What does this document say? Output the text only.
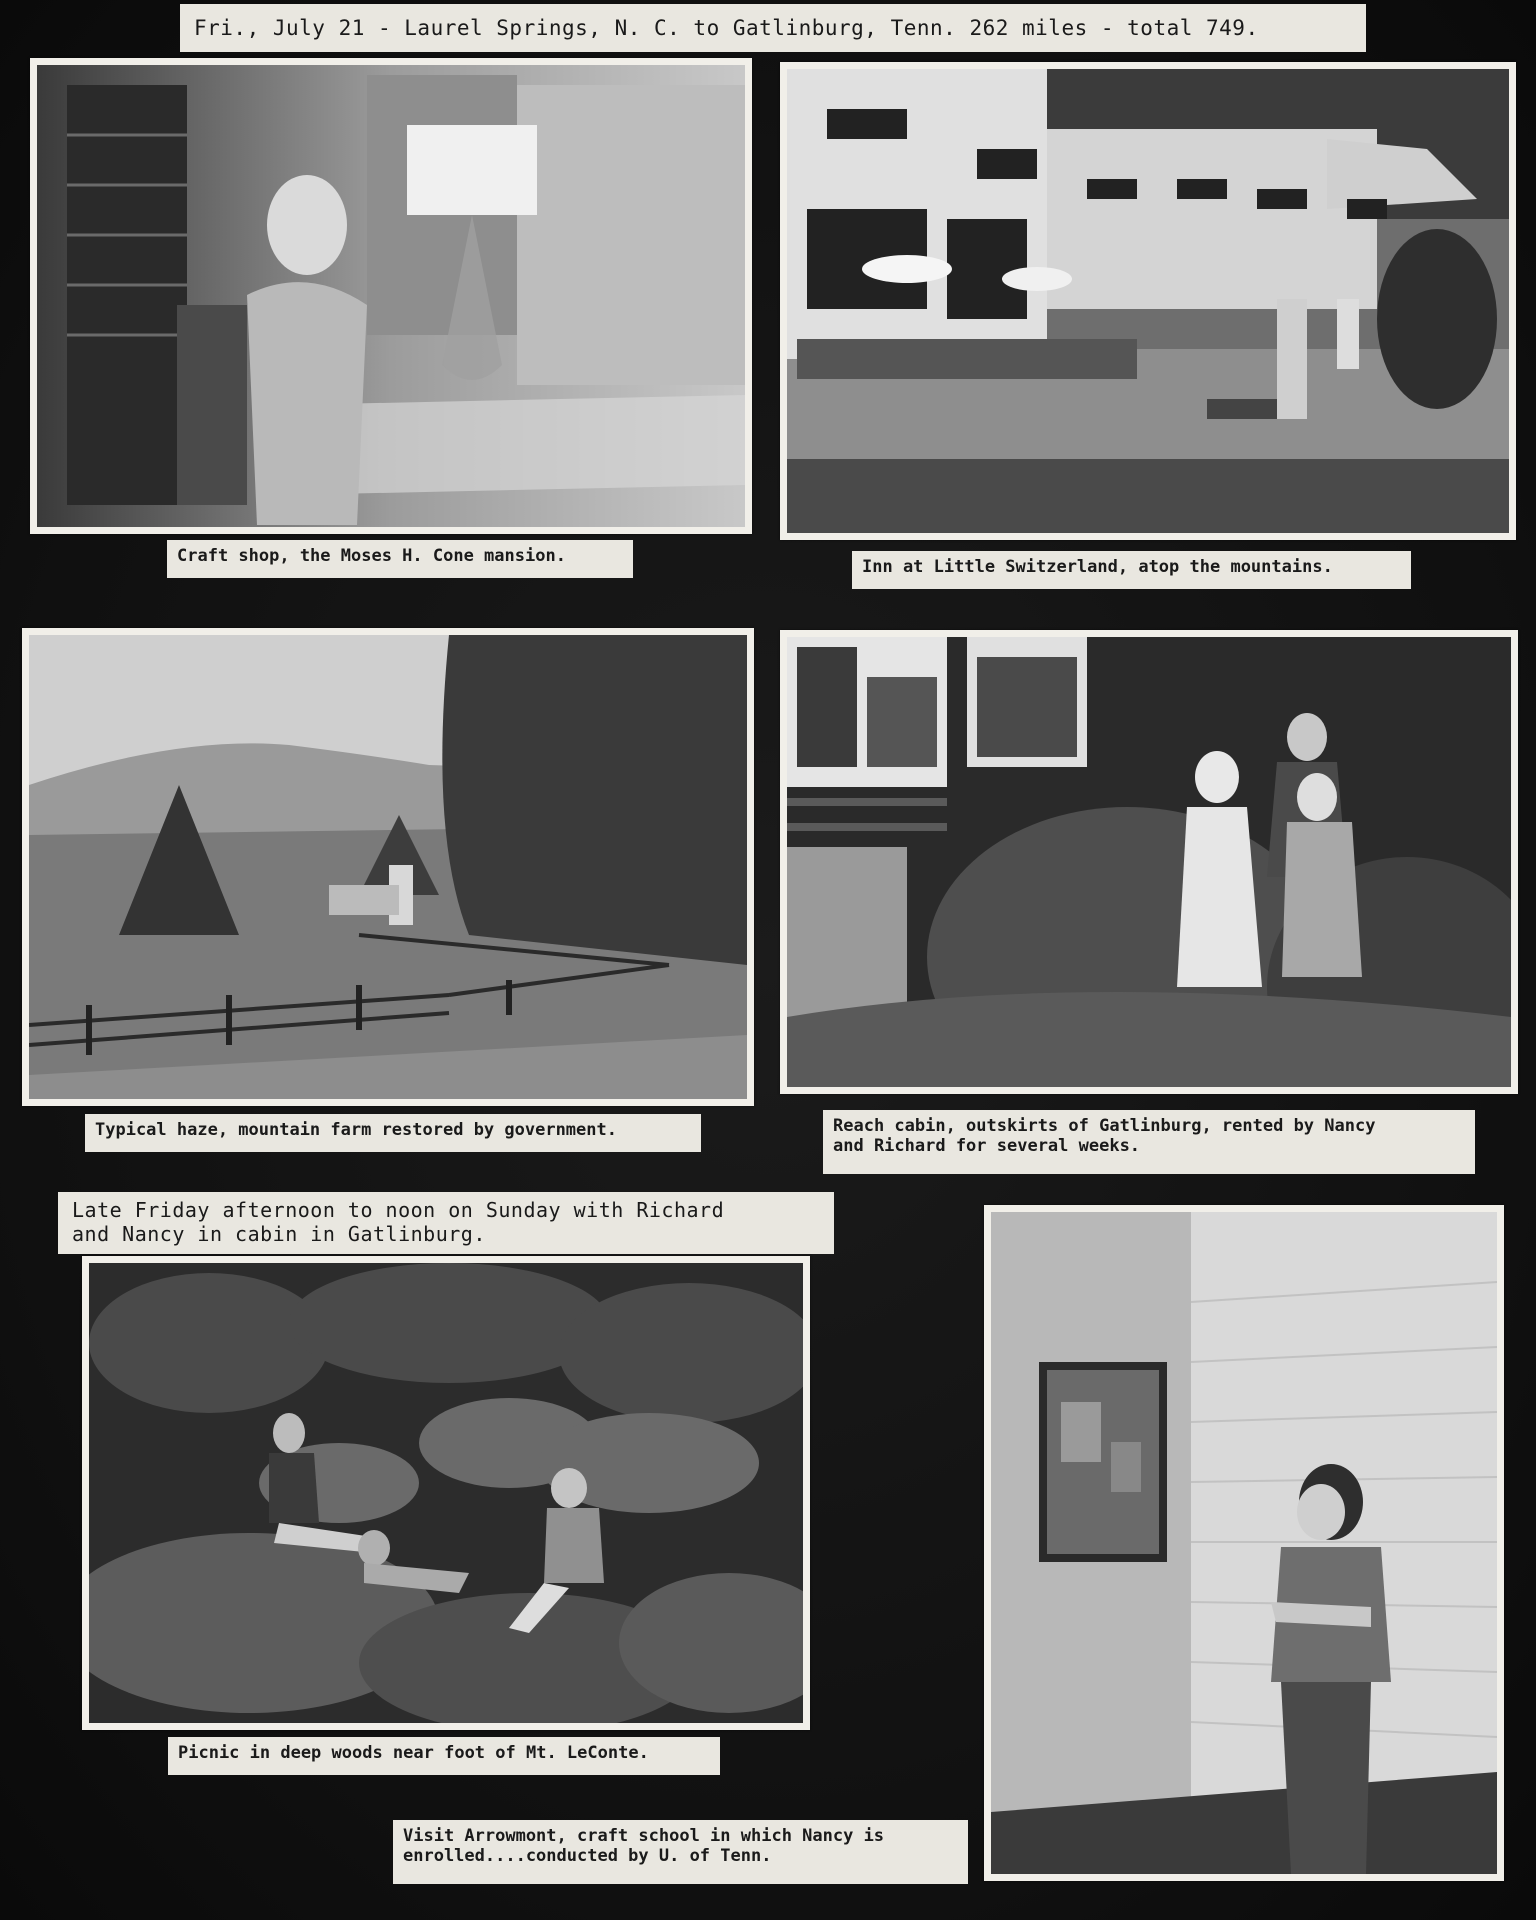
Fri., July 21 - Laurel Springs, N. C. to Gatlinburg, Tenn. 262 miles - total 749.
Craft shop, the Moses H. Cone mansion.
Inn at Little Switzerland, atop the mountains.
Typical haze, mountain farm restored by government.	Reach cabin, outskirts of Gatlinburg, rented by Nancy
and Richard for several weeks.
Late Friday afternoon to noon on Sunday with Richard
and Nancy in cabin in Gatlinburg.
Picnic in deep woods near foot of Mt. LeConte.
Visit Arrowmont, craft school in which Nancy is
enrolled....conducted by U. of Tenn.
